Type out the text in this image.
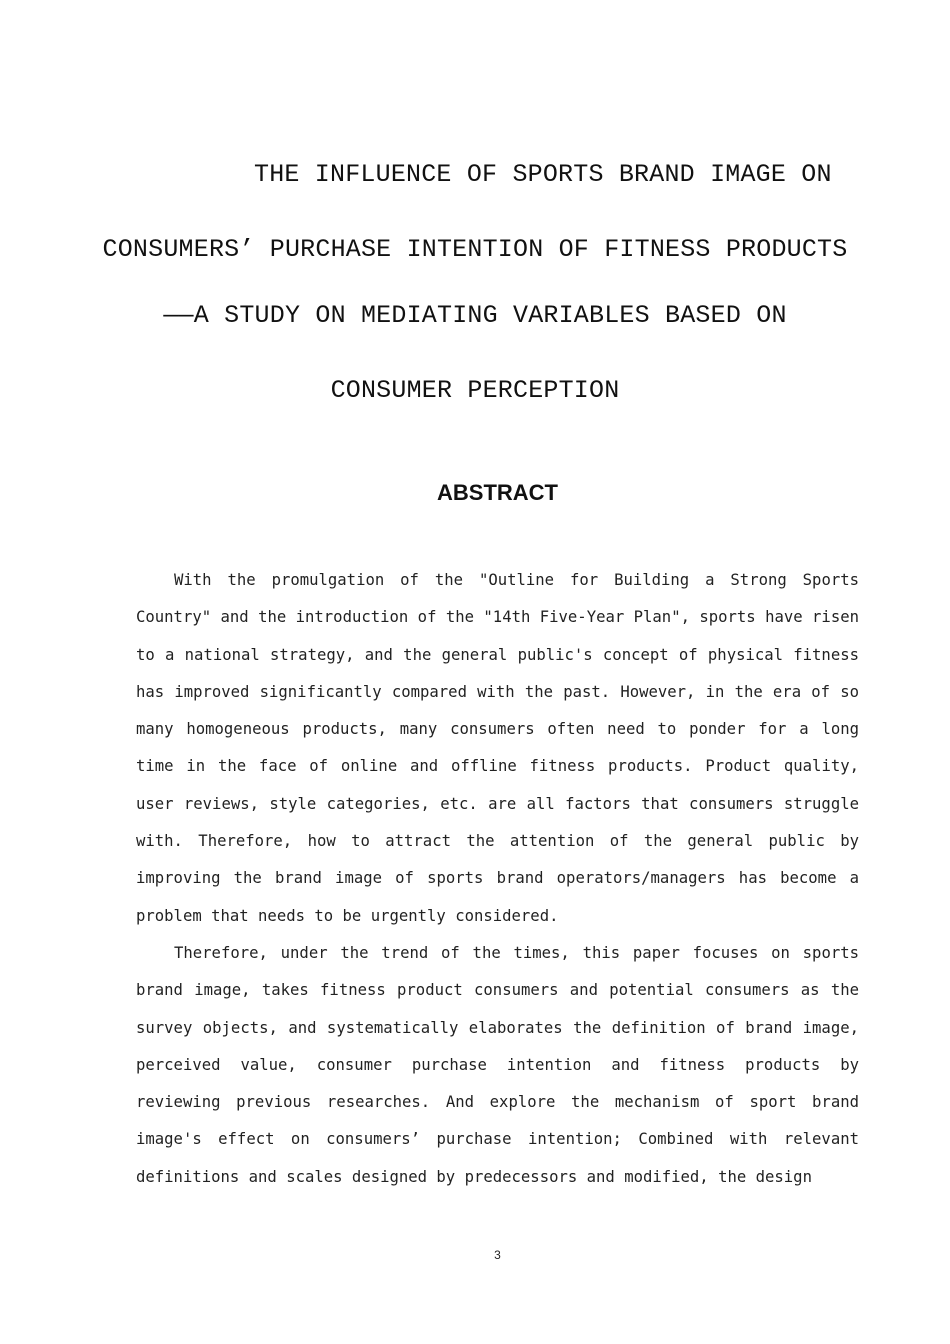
THE INFLUENCE OF SPORTS BRAND IMAGE ON
CONSUMERS’ PURCHASE INTENTION OF FITNESS PRODUCTS
——A STUDY ON MEDIATING VARIABLES BASED ON
CONSUMER PERCEPTION
ABSTRACT

With the promulgation of the "Outline for Building a Strong Sports Country" and the introduction of the "14th Five-Year Plan", sports have risen to a national strategy, and the general public's concept of physical fitness has improved significantly compared with the past. However, in the era of so many homogeneous products, many consumers often need to ponder for a long time in the face of online and offline fitness products. Product quality, user reviews, style categories, etc. are all factors that consumers struggle with. Therefore, how to attract the attention of the general public by improving the brand image of sports brand operators/managers has become a problem that needs to be urgently considered.

Therefore, under the trend of the times, this paper focuses on sports brand image, takes fitness product consumers and potential consumers as the survey objects, and systematically elaborates the definition of brand image, perceived value, consumer purchase intention and fitness products by reviewing previous researches. And explore the mechanism of sport brand image's effect on consumers’ purchase intention; Combined with relevant definitions and scales designed by predecessors and modified, the design

3
